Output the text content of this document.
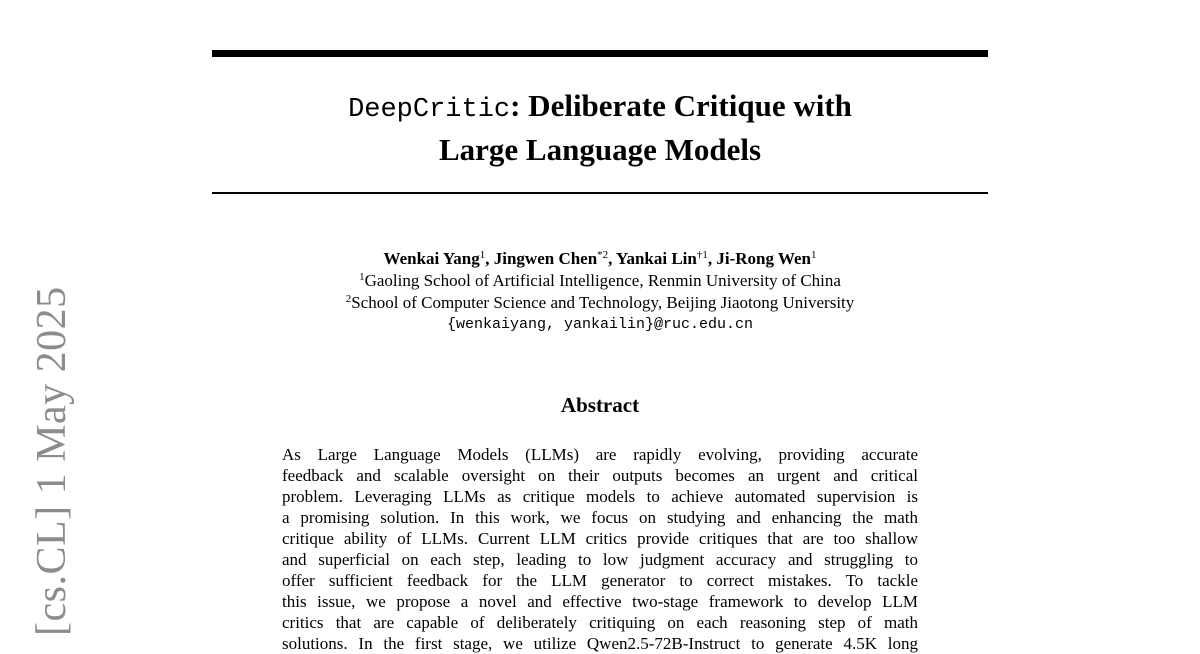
[cs.CL] 1 May 2025
DeepCritic: Deliberate Critique with
Large Language Models
Wenkai Yang$^1$, Jingwen Chen$^{*2}$, Yankai Lin$^{\dagger 1}$, Ji-Rong Wen$^1$
$^1$Gaoling School of Artificial Intelligence, Renmin University of China
$^2$School of Computer Science and Technology, Beijing Jiaotong University
{wenkaiyang, yankailin}@ruc.edu.cn
Abstract
As Large Language Models (LLMs) are rapidly evolving, providing accurate
feedback and scalable oversight on their outputs becomes an urgent and critical
problem. Leveraging LLMs as critique models to achieve automated supervision is
a promising solution. In this work, we focus on studying and enhancing the math
critique ability of LLMs. Current LLM critics provide critiques that are too shallow
and superficial on each step, leading to low judgment accuracy and struggling to
offer sufficient feedback for the LLM generator to correct mistakes. To tackle
this issue, we propose a novel and effective two-stage framework to develop LLM
critics that are capable of deliberately critiquing on each reasoning step of math
solutions. In the first stage, we utilize Qwen2.5-72B-Instruct to generate 4.5K long
